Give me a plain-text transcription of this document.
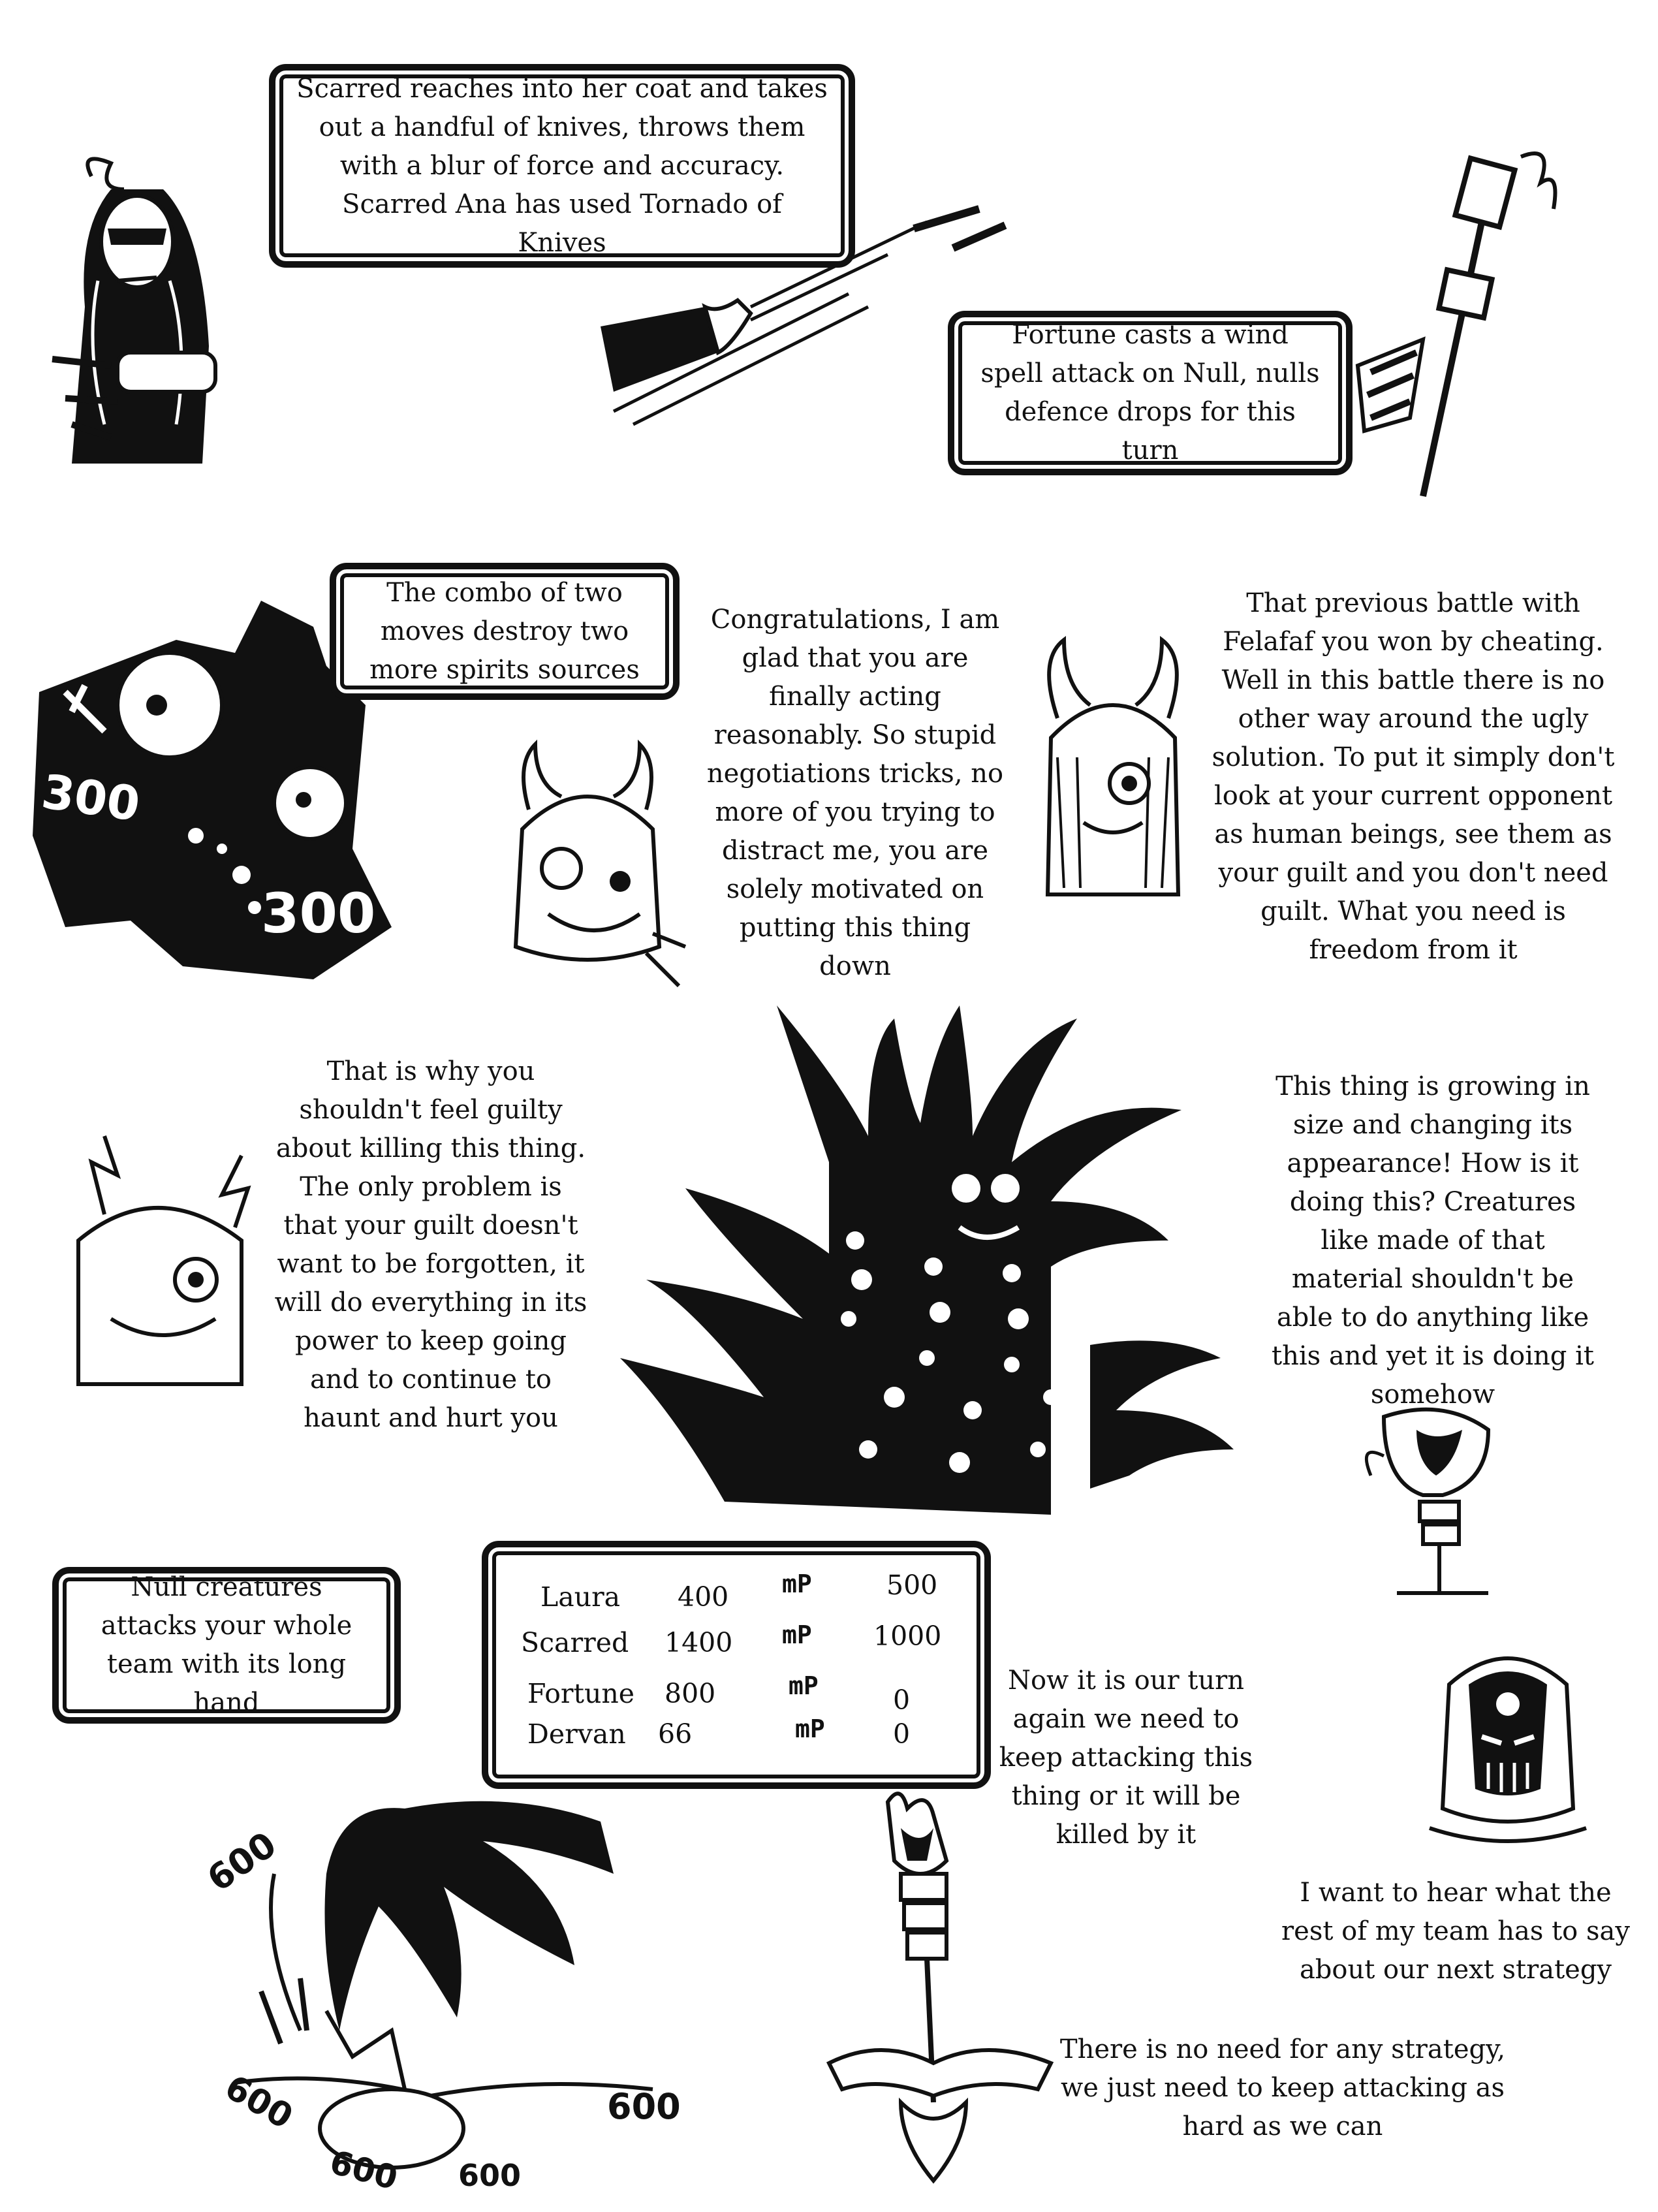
Scarred reaches into her coat and takes out a handful of knives, throws them with a blur of force and accuracy. Scarred Ana has used Tornado of Knives
Fortune casts a wind spell attack on Null, nulls defence drops for this turn
300
300
The combo of two moves destroy two more spirits sources
Congratulations, I am glad that you are finally acting reasonably. So stupid negotiations tricks, no more of you trying to distract me, you are solely motivated on putting this thing down
That previous battle with Felafaf you won by cheating. Well in this battle there is no other way around the ugly solution. To put it simply don't look at your current opponent as human beings, see them as your guilt and you don't need guilt. What you need is freedom from it
That is why you shouldn't feel guilty about killing this thing. The only problem is that your guilt doesn't want to be forgotten, it will do everything in its power to keep going and to continue to haunt and hurt you
This thing is growing in size and changing its appearance! How is it doing this? Creatures like made of that material shouldn't be able to do anything like this and yet it is doing it somehow
Null creatures attacks your whole team with its long hand
Laura 400 mP	500
Scarred 1400 mP 1000
Fortune 800	mP	0
Dervan 66	mP	0
Now it is our turn again we need to keep attacking this thing or it will be killed by it
I want to hear what the rest of my team has to say about our next strategy
600
600
600 600
600
There is no need for any strategy, we just need to keep attacking as hard as we can
